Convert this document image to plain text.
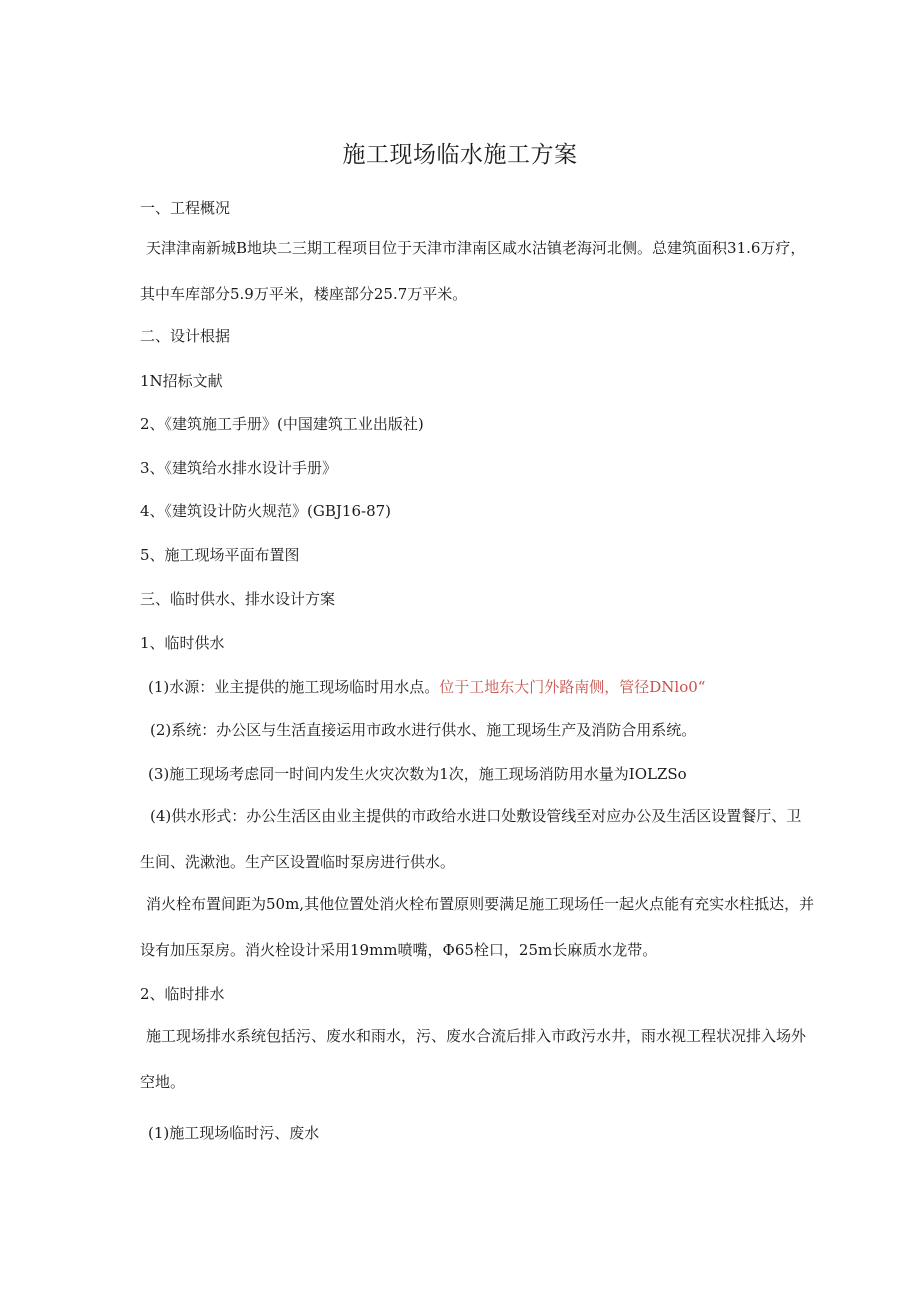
施工现场临水施工方案
一、工程概况
天津津南新城B地块二三期工程项目位于天津市津南区咸水沽镇老海河北侧。总建筑面积31.6万疗，
其中车库部分5.9万平米，楼座部分25.7万平米。
二、设计根据
1N招标文献
2、《建筑施工手册》(中国建筑工业出版社)
3、《建筑给水排水设计手册》
4、《建筑设计防火规范》(GBJ16-87)
5、施工现场平面布置图
三、临时供水、排水设计方案
1、临时供水
(1)水源：业主提供的施工现场临时用水点。位于工地东大门外路南侧，管径DNlo0“
(2)系统：办公区与生活直接运用市政水进行供水、施工现场生产及消防合用系统。
(3)施工现场考虑同一时间内发生火灾次数为1次，施工现场消防用水量为IOLZSo
(4)供水形式：办公生活区由业主提供的市政给水进口处敷设管线至对应办公及生活区设置餐厅、卫生间、洗漱池。生产区设置临时泵房进行供水。
消火栓布置间距为50m,其他位置处消火栓布置原则要满足施工现场任一起火点能有充实水柱抵达，并设有加压泵房。消火栓设计采用19mm喷嘴，Φ65栓口，25m长麻质水龙带。
2、临时排水
施工现场排水系统包括污、废水和雨水，污、废水合流后排入市政污水井，雨水视工程状况排入场外空地。
(1)施工现场临时污、废水
